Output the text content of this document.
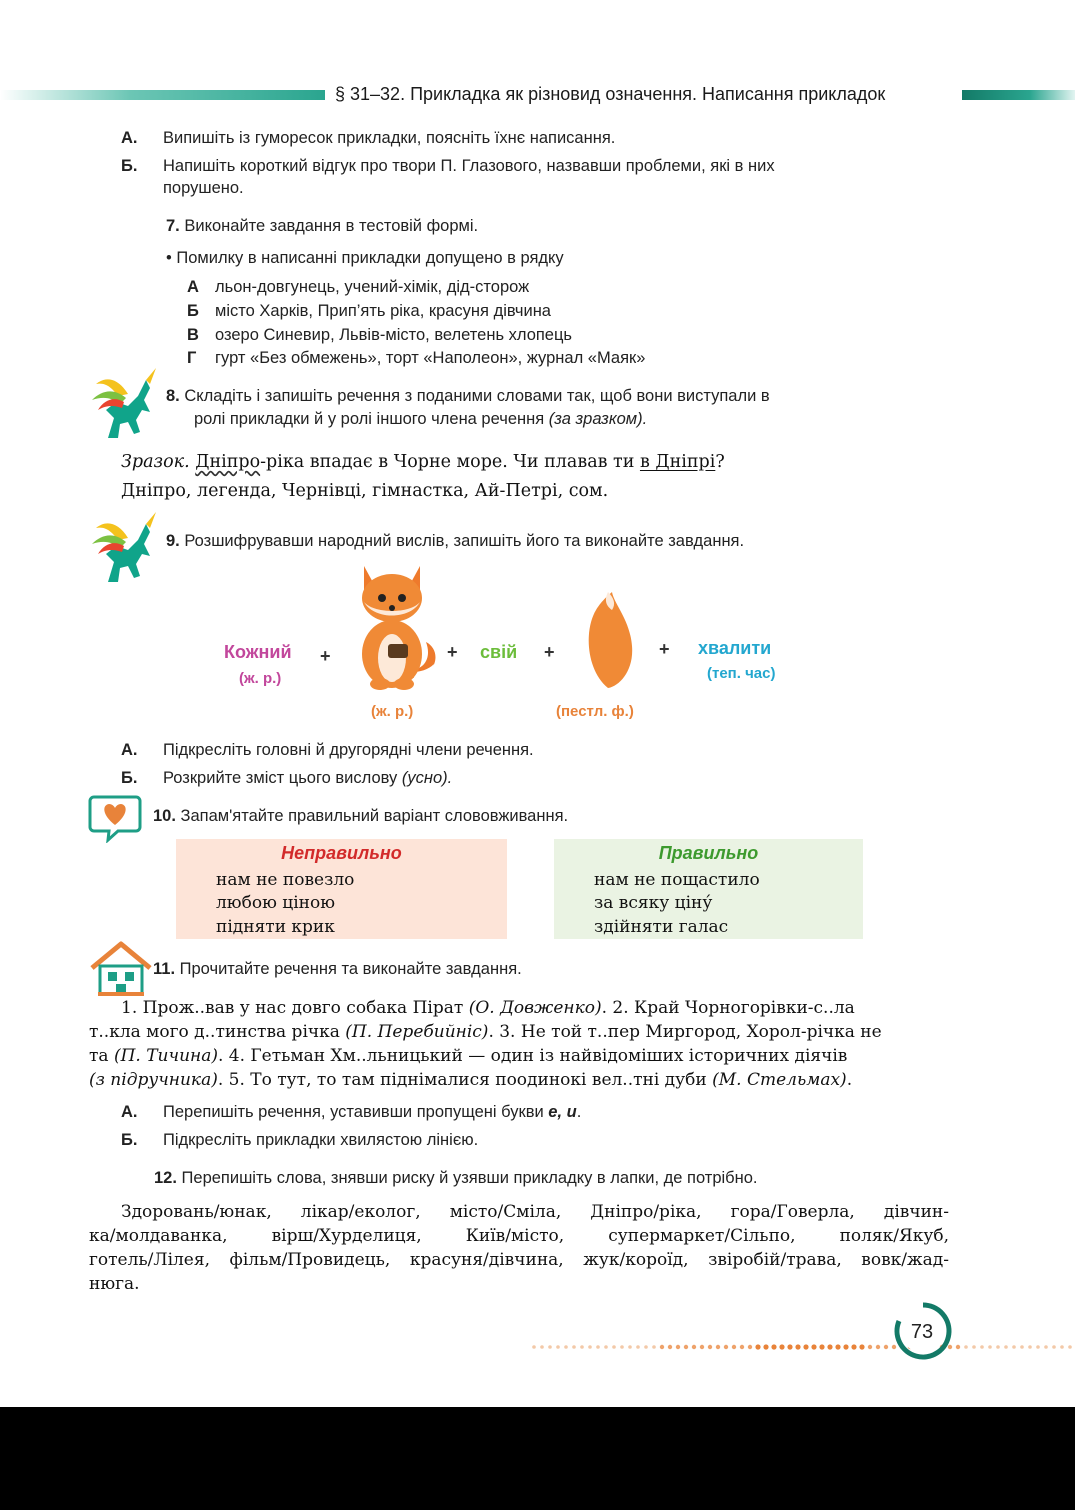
§ 31–32. Прикладка як різновид означення. Написання прикладок
А. Випишіть із гуморесок прикладки, поясніть їхнє написання.
Б. Напишіть короткий відгук про твори П. Глазового, назвавши проблеми, які в них
порушено.
7. Виконайте завдання в тестовій формі.
• Помилку в написанні прикладки допущено в рядку
А льон-довгунець, учений-хімік, дід-сторож
Б місто Харків, Прип’ять ріка, красуня дівчина
В озеро Синевир, Львів-місто, велетень хлопець
Г гурт «Без обмежень», торт «Наполеон», журнал «Маяк»
8. Складіть і запишіть речення з поданими словами так, щоб вони виступали в
ролі прикладки й у ролі іншого члена речення (за зразком).
Зразок. Дніпро-ріка впадає в Чорне море. Чи плавав ти в Дніпрі?
Дніпро, легенда, Чернівці, гімнастка, Ай-Петрі, сом.
9. Розшифрувавши народний вислів, запишіть його та виконайте завдання.
Кожний
(ж. р.)
+
(ж. р.)
+ свій +
(пестл. ф.)
+ хвалити
(теп. час)
А. Підкресліть головні й другорядні члени речення.
Б. Розкрийте зміст цього вислову (усно).
10. Запам'ятайте правильний варіант слововживання.
Неправильно
нам не повезло
любою ціною
підняти крик
Правильно
нам не пощастило
за всяку ціну́
здійняти галас
11. Прочитайте речення та виконайте завдання.
1. Прож..вав у нас довго собака Пірат (О. Довженко). 2. Край Чорногорівки-с..ла
т..кла мого д..тинства річка (П. Перебийніс). 3. Не той т..пер Миргород, Хорол-річка не
та (П. Тичина). 4. Гетьман Хм..льницький — один із найвідоміших історичних діячів
(з підручника). 5. То тут, то там піднімалися поодинокі вел..тні дуби (М. Стельмах).
А. Перепишіть речення, уставивши пропущені букви е, и.
Б. Підкресліть прикладки хвилястою лінією.
12. Перепишіть слова, знявши риску й узявши прикладку в лапки, де потрібно.
Здоровань/юнак, лікар/еколог, місто/Сміла, Дніпро/ріка, гора/Говерла, дівчин-
ка/молдаванка, вірш/Хурделиця, Київ/місто, супермаркет/Сільпо, поляк/Якуб,
готель/Лілея, фільм/Провидець, красуня/дівчина, жук/короїд, звіробій/трава, вовк/жад-
нюга.
73
